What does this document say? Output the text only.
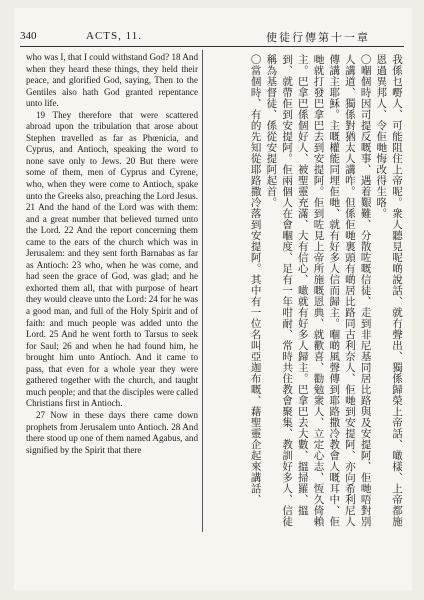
340	ACTS, 11.	使徒行傳第十一章

who was I, that I could withstand God? 18 And when they heard these things, they held their peace, and glorified God, saying, Then to the Gentiles also hath God granted repentance unto life.

19 They therefore that were scattered abroad upon the tribulation that arose about Stephen travelled as far as Phœnicia, and Cyprus, and Antioch, speaking the word to none save only to Jews. 20 But there were some of them, men of Cyprus and Cyrene, who, when they were come to Antioch, spake unto the Greeks also, preaching the Lord Jesus. 21 And the hand of the Lord was with them: and a great number that believed turned unto the Lord. 22 And the report concerning them came to the ears of the church which was in Jerusalem: and they sent forth Barnabas as far as Antioch: 23 who, when he was come, and had seen the grace of God, was glad; and he exhorted them all, that with purpose of heart they would cleave unto the Lord: 24 for he was a good man, and full of the Holy Spirit and of faith: and much people was added unto the Lord. 25 And he went forth to Tarsus to seek for Saul; 26 and when he had found him, he brought him unto Antioch. And it came to pass, that even for a whole year they were gathered together with the church, and taught much people; and that the disciples were called Christians first in Antioch.

27 Now in these days there came down prophets from Jerusalem unto Antioch. 28 And there stood up one of them named Agabus, and signified by the Spirit that there	我係乜嘢人、可能阻住上帝呢。衆人聽見呢啲說話、就冇聲出、獨係歸榮上帝話、噉樣、上帝都施恩過異邦人、令佢哋悔改得生咯。

〇嗰個時因司提反嘅事、遇着艱難、分散咗嘅信徒、走到非尼基同居比路與及安提阿、佢哋唔對別人講道、獨係對猶太人講咋。但係佢哋裏頭有啲居比路同古利奈人、佢哋到安提阿、亦向希利尼人傳講主耶穌。主嘅權能同埋佢哋、就有好多人信而歸主。嗰啲風聲傳到耶路撒冷教會人嘅耳中、佢哋就打發巴拿巴去到安提阿。佢到咗見上帝所施嘅恩典、就歡喜、勸勉衆人、立定心志、恆久倚賴主。巴拿巴係個好人、被聖靈充滿、大有信心、噉就有好多人歸主。巴拿巴去大數、搵掃羅、搵到、就帶佢到安提阿。佢兩個人在會嗰度、足有一年咁耐、常時共住教會聚集、教訓好多人、信徒稱為基督徒、係從安提阿起首。

〇當個時、有的先知從耶路撒冷落到安提阿。其中有一位名叫亞迦布嘅、藉聖靈企起來講話、
